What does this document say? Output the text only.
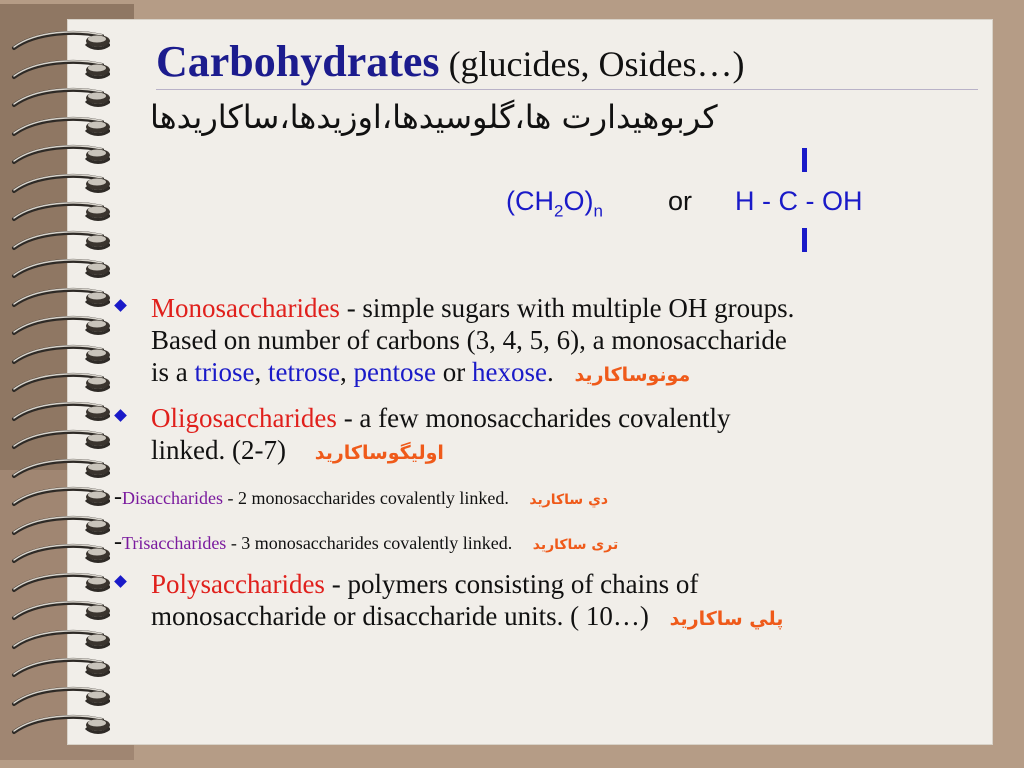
Carbohydrates (glucides, Osides…)
کربوهیدارت ها،گلوسیدها،اوزیدها،ساکاریدها
$(CH_2O)_n$ or H - C - OH
Monosaccharides - simple sugars with multiple OH groups.
Based on number of carbons (3, 4, 5, 6), a monosaccharide
is a triose, tetrose, pentose or hexose. مونوساکارید
Oligosaccharides - a few monosaccharides covalently
linked. (2-7) اولیگوساکارید
-Disaccharides - 2 monosaccharides covalently linked. دي ساكاريد
-Trisaccharides - 3 monosaccharides covalently linked. تری ساکارید
Polysaccharides - polymers consisting of chains of
monosaccharide or disaccharide units. ( 10…) پلي ساكاريد
